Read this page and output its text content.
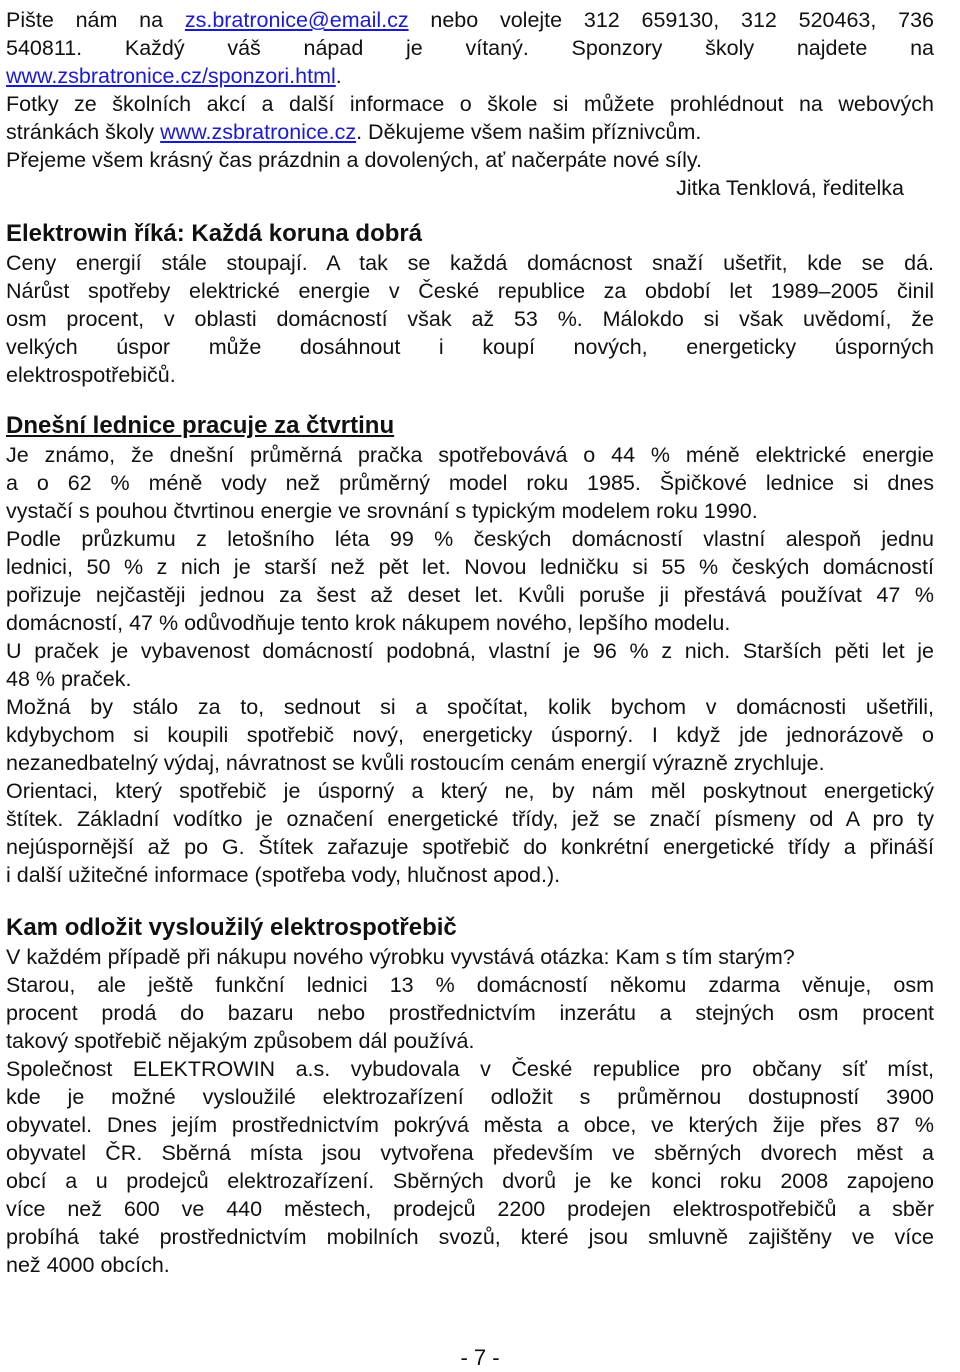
Pište nám na zs.bratronice@email.cz nebo volejte 312 659130, 312 520463, 736
540811. Každý váš nápad je vítaný. Sponzory školy najdete na
www.zsbratronice.cz/sponzori.html.
Fotky ze školních akcí a další informace o škole si můžete prohlédnout na webových
stránkách školy www.zsbratronice.cz. Děkujeme všem našim příznivcům.
Přejeme všem krásný čas prázdnin a dovolených, ať načerpáte nové síly.
Jitka Tenklová, ředitelka
Elektrowin říká: Každá koruna dobrá
Ceny energií stále stoupají. A tak se každá domácnost snaží ušetřit, kde se dá.
Nárůst spotřeby elektrické energie v České republice za období let 1989–2005 činil
osm procent, v oblasti domácností však až 53 %. Málokdo si však uvědomí, že
velkých úspor může dosáhnout i koupí nových, energeticky úsporných
elektrospotřebičů.
Dnešní lednice pracuje za čtvrtinu
Je známo, že dnešní průměrná pračka spotřebovává o 44 % méně elektrické energie
a o 62 % méně vody než průměrný model roku 1985. Špičkové lednice si dnes
vystačí s pouhou čtvrtinou energie ve srovnání s typickým modelem roku 1990.
Podle průzkumu z letošního léta 99 % českých domácností vlastní alespoň jednu
lednici, 50 % z nich je starší než pět let. Novou ledničku si 55 % českých domácností
pořizuje nejčastěji jednou za šest až deset let. Kvůli poruše ji přestává používat 47 %
domácností, 47 % odůvodňuje tento krok nákupem nového, lepšího modelu.
U praček je vybavenost domácností podobná, vlastní je 96 % z nich. Starších pěti let je
48 % praček.
Možná by stálo za to, sednout si a spočítat, kolik bychom v domácnosti ušetřili,
kdybychom si koupili spotřebič nový, energeticky úsporný. I když jde jednorázově o
nezanedbatelný výdaj, návratnost se kvůli rostoucím cenám energií výrazně zrychluje.
Orientaci, který spotřebič je úsporný a který ne, by nám měl poskytnout energetický
štítek. Základní vodítko je označení energetické třídy, jež se značí písmeny od A pro ty
nejúspornější až po G. Štítek zařazuje spotřebič do konkrétní energetické třídy a přináší
i další užitečné informace (spotřeba vody, hlučnost apod.).
Kam odložit vysloužilý elektrospotřebič
V každém případě při nákupu nového výrobku vyvstává otázka: Kam s tím starým?
Starou, ale ještě funkční lednici 13 % domácností někomu zdarma věnuje, osm
procent prodá do bazaru nebo prostřednictvím inzerátu a stejných osm procent
takový spotřebič nějakým způsobem dál používá.
Společnost ELEKTROWIN a.s. vybudovala v České republice pro občany síť míst,
kde je možné vysloužilé elektrozařízení odložit s průměrnou dostupností 3900
obyvatel. Dnes jejím prostřednictvím pokrývá města a obce, ve kterých žije přes 87 %
obyvatel ČR. Sběrná místa jsou vytvořena především ve sběrných dvorech měst a
obcí a u prodejců elektrozařízení. Sběrných dvorů je ke konci roku 2008 zapojeno
více než 600 ve 440 městech, prodejců 2200 prodejen elektrospotřebičů a sběr
probíhá také prostřednictvím mobilních svozů, které jsou smluvně zajištěny ve více
než 4000 obcích.
- 7 -
